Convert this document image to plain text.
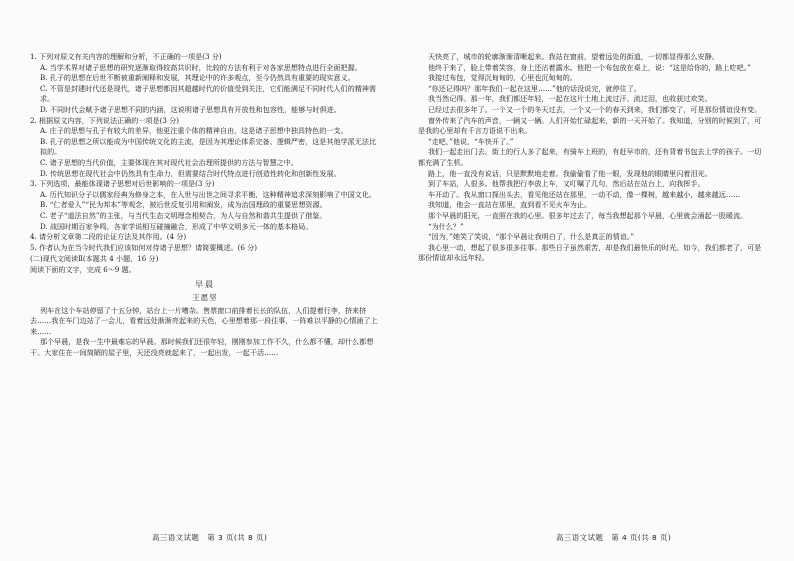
1. 下列对原文有关内容的理解和分析，不正确的一项是(3 分)

A. 当学术界对诸子思想的研究逐渐取得较高共识时，比较的方法有利于对各家思想特点进行全面把握。

B. 孔子的思想在后世不断被重新阐释和发展，其理论中的许多观点，至今仍然具有重要的现实意义。

C. 不管是封建时代还是现代，诸子思想都因其超越时代的价值受到关注，它们能满足不同时代人们的精神需求。

D. 不同时代会赋予诸子思想不同的内涵，这说明诸子思想具有开放性和包容性，能够与时俱进。

2. 根据原文内容，下列说法正确的一项是(3 分)

A. 庄子的思想与孔子有较大的差异，他更注重个体的精神自由，这是诸子思想中独具特色的一支。

B. 孔子的思想之所以能成为中国传统文化的主流，是因为其理论体系完备、逻辑严密，这是其他学派无法比拟的。

C. 诸子思想的当代价值，主要体现在其对现代社会治理所提供的方法与智慧之中。

D. 传统思想在现代社会中仍然具有生命力，但需要结合时代特点进行创造性转化和创新性发展。

3. 下列选项，最能体现诸子思想对后世影响的一项是(3 分)

A. 历代知识分子以儒家经典为修身之本，在入世与出世之间寻求平衡，这种精神追求深刻影响了中国文化。

B. “仁者爱人”“民为邦本”等观念，被后世反复引用和阐发，成为治国理政的重要思想资源。

C. 老子“道法自然”的主张，与当代生态文明理念相契合，为人与自然和谐共生提供了借鉴。

D. 战国时期百家争鸣，各家学说相互碰撞融合，形成了中华文明多元一体的基本格局。

4. 请分析文章第二段的论证方法及其作用。(4 分)

5. 作者认为在当今时代我们应该如何对待诸子思想？请简要概述。(6 分)

(二)现代文阅读Ⅱ(本题共 4 小题，16 分)

阅读下面的文字，完成 6～9 题。

早晨

王愿坚

列车在这个车站停留了十五分钟，站台上一片嘈杂。售票窗口前排着长长的队伍，人们提着行李，挤来挤去……我在车门边站了一会儿，看着远处渐渐亮起来的天色，心里想着那一段往事，一阵难以平静的心情涌了上来……

那个早晨，是我一生中最难忘的早晨。那时候我们还很年轻，刚刚参加工作不久，什么都不懂，却什么都想干。大家住在一间简陋的屋子里，天还没亮就起来了，一起出发，一起干活……

天快亮了，城市的轮廓渐渐清晰起来。我站在窗前，望着远处的街道，一切都显得那么安静。

他终于来了，脸上带着笑容，身上还沾着露水。他把一个布包放在桌上，说：“这是给你的，路上吃吧。”

我接过布包，觉得沉甸甸的，心里也沉甸甸的。

“你还记得吗？那年我们一起在这里……”他的话没说完，就停住了。

我当然记得。那一年，我们都还年轻，一起在这片土地上流过汗、流过泪，也收获过欢笑。

已经过去很多年了。一个又一个的冬天过去，一个又一个的春天到来，我们都变了，可是那份情谊没有变。

窗外传来了汽车的声音，一辆又一辆。人们开始忙碌起来，新的一天开始了。我知道，分别的时候到了，可是我的心里却有千言万语说不出来。

“走吧，”他说，“车快开了。”

我们一起走出门去。街上的行人多了起来，有骑车上班的，有赶早市的，还有背着书包去上学的孩子。一切都充满了生机。

路上，他一直没有说话，只是默默地走着。我偷偷看了他一眼，发现他的眼睛里闪着泪光。

到了车站，人很多。他帮我把行李放上车，又叮嘱了几句，然后站在站台上，向我挥手。

车开动了。我从窗口探出头去，看见他还站在那里，一动不动，像一棵树，越来越小，越来越远……

我知道，他会一直站在那里，直到看不见火车为止。

那个早晨的阳光，一直照在我的心里。很多年过去了，每当我想起那个早晨，心里就会涌起一股暖流。

“为什么？”

“因为，”她笑了笑说，“那个早晨让我明白了，什么是真正的情谊。”

我心里一动，想起了很多很多往事。那些日子虽然艰苦，却是我们最快乐的时光。如今，我们都老了，可是那份情谊却永远年轻。

高三语文试题　第 3 页(共 8 页)	高三语文试题　第 4 页(共 8 页)
